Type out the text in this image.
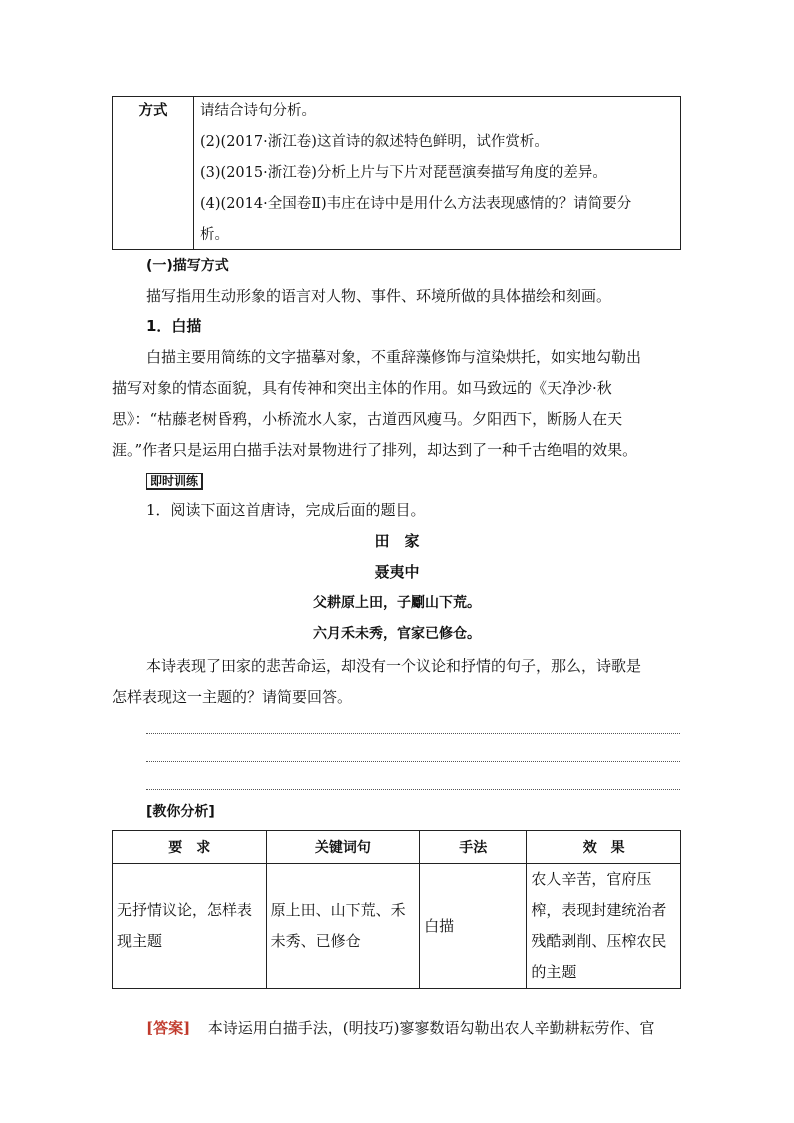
方式	请结合诗句分析。
(2)(2017·浙江卷)这首诗的叙述特色鲜明，试作赏析。
(3)(2015·浙江卷)分析上片与下片对琵琶演奏描写角度的差异。
(4)(2014·全国卷Ⅱ)韦庄在诗中是用什么方法表现感情的？请简要分
析。
(一)描写方式
描写指用生动形象的语言对人物、事件、环境所做的具体描绘和刻画。
1．白描
白描主要用简练的文字描摹对象，不重辞藻修饰与渲染烘托，如实地勾勒出
描写对象的情态面貌，具有传神和突出主体的作用。如马致远的《天净沙·秋
思》：“枯藤老树昏鸦，小桥流水人家，古道西风瘦马。夕阳西下，断肠人在天
涯。”作者只是运用白描手法对景物进行了排列，却达到了一种千古绝唱的效果。
即时训练
1．阅读下面这首唐诗，完成后面的题目。
田　家
聂夷中
父耕原上田，子劚山下荒。
六月禾未秀，官家已修仓。
本诗表现了田家的悲苦命运，却没有一个议论和抒情的句子，那么，诗歌是
怎样表现这一主题的？请简要回答。
[教你分析]
要　求	关键词句	手法	效　果
无抒情议论，怎样表现主题	原上田、山下荒、禾未秀、已修仓	白描	农人辛苦，官府压榨，表现封建统治者残酷剥削、压榨农民的主题
[答案] 本诗运用白描手法，(明技巧)寥寥数语勾勒出农人辛勤耕耘劳作、官
